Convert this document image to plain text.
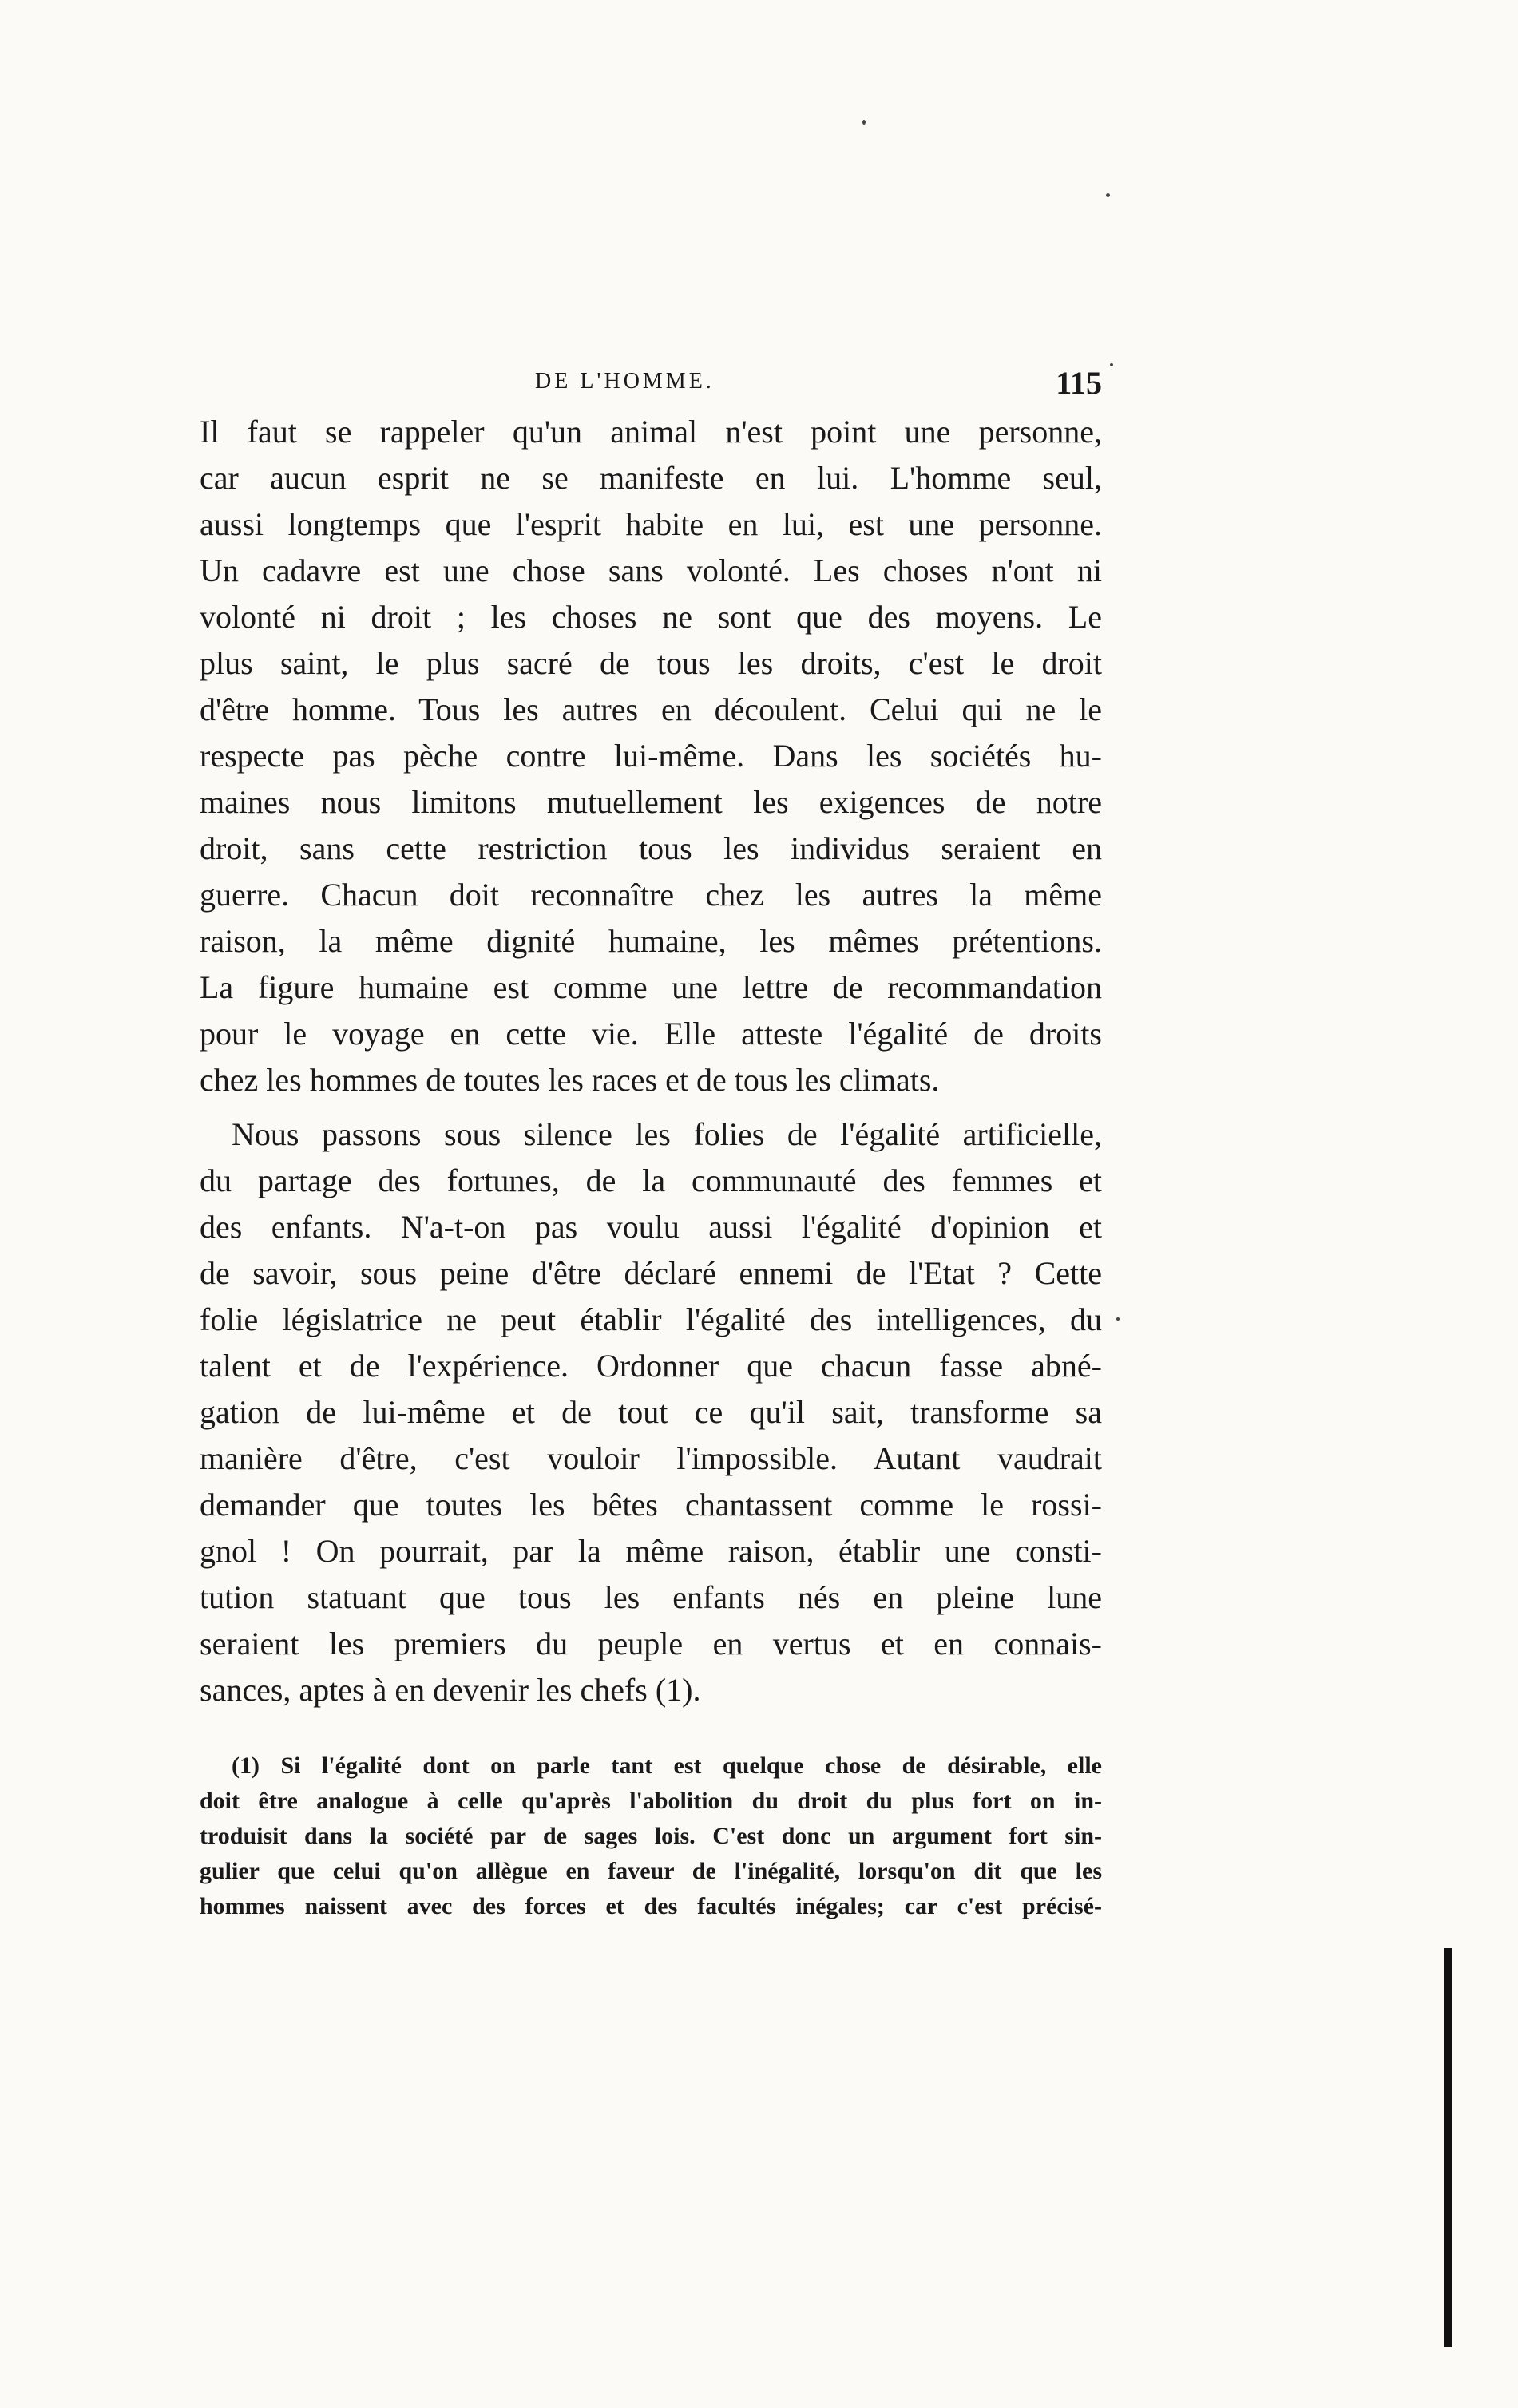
DE L'HOMME.	115
Il faut se rappeler qu'un animal n'est point une personne,
car aucun esprit ne se manifeste en lui. L'homme seul,
aussi longtemps que l'esprit habite en lui, est une personne.
Un cadavre est une chose sans volonté. Les choses n'ont ni
volonté ni droit ; les choses ne sont que des moyens. Le
plus saint, le plus sacré de tous les droits, c'est le droit
d'être homme. Tous les autres en découlent. Celui qui ne le
respecte pas pèche contre lui-même. Dans les sociétés hu-
maines nous limitons mutuellement les exigences de notre
droit, sans cette restriction tous les individus seraient en
guerre. Chacun doit reconnaître chez les autres la même
raison, la même dignité humaine, les mêmes prétentions.
La figure humaine est comme une lettre de recommandation
pour le voyage en cette vie. Elle atteste l'égalité de droits
chez les hommes de toutes les races et de tous les climats.
Nous passons sous silence les folies de l'égalité artificielle,
du partage des fortunes, de la communauté des femmes et
des enfants. N'a-t-on pas voulu aussi l'égalité d'opinion et
de savoir, sous peine d'être déclaré ennemi de l'Etat ? Cette
folie législatrice ne peut établir l'égalité des intelligences, du
talent et de l'expérience. Ordonner que chacun fasse abné-
gation de lui-même et de tout ce qu'il sait, transforme sa
manière d'être, c'est vouloir l'impossible. Autant vaudrait
demander que toutes les bêtes chantassent comme le rossi-
gnol ! On pourrait, par la même raison, établir une consti-
tution statuant que tous les enfants nés en pleine lune
seraient les premiers du peuple en vertus et en connais-
sances, aptes à en devenir les chefs (1).
(1) Si l'égalité dont on parle tant est quelque chose de désirable, elle
doit être analogue à celle qu'après l'abolition du droit du plus fort on in-
troduisit dans la société par de sages lois. C'est donc un argument fort sin-
gulier que celui qu'on allègue en faveur de l'inégalité, lorsqu'on dit que les
hommes naissent avec des forces et des facultés inégales; car c'est précisé-
